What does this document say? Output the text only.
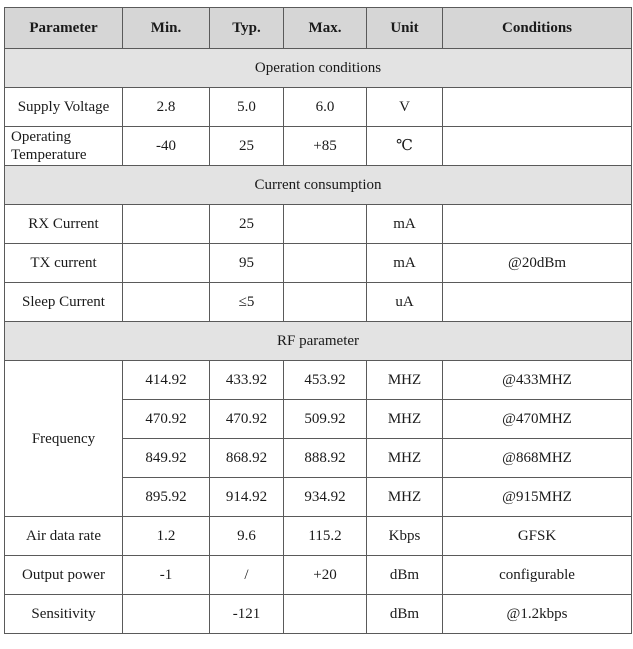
Parameter	Min.	Typ.	Max.	Unit	Conditions
Operation conditions					
Supply Voltage	2.8	5.0	6.0	V	
Operating Temperature	-40	25	+85	℃	
Current consumption					
RX Current		25		mA	
TX current		95		mA	@20dBm
Sleep Current		≤5		uA	
RF parameter					
Frequency	414.92	433.92	453.92	MHZ	@433MHZ
	470.92	470.92	509.92	MHZ	@470MHZ
	849.92	868.92	888.92	MHZ	@868MHZ
	895.92	914.92	934.92	MHZ	@915MHZ
Air data rate	1.2	9.6	115.2	Kbps	GFSK
Output power	-1	/	+20	dBm	configurable
Sensitivity		-121		dBm	@1.2kbps
